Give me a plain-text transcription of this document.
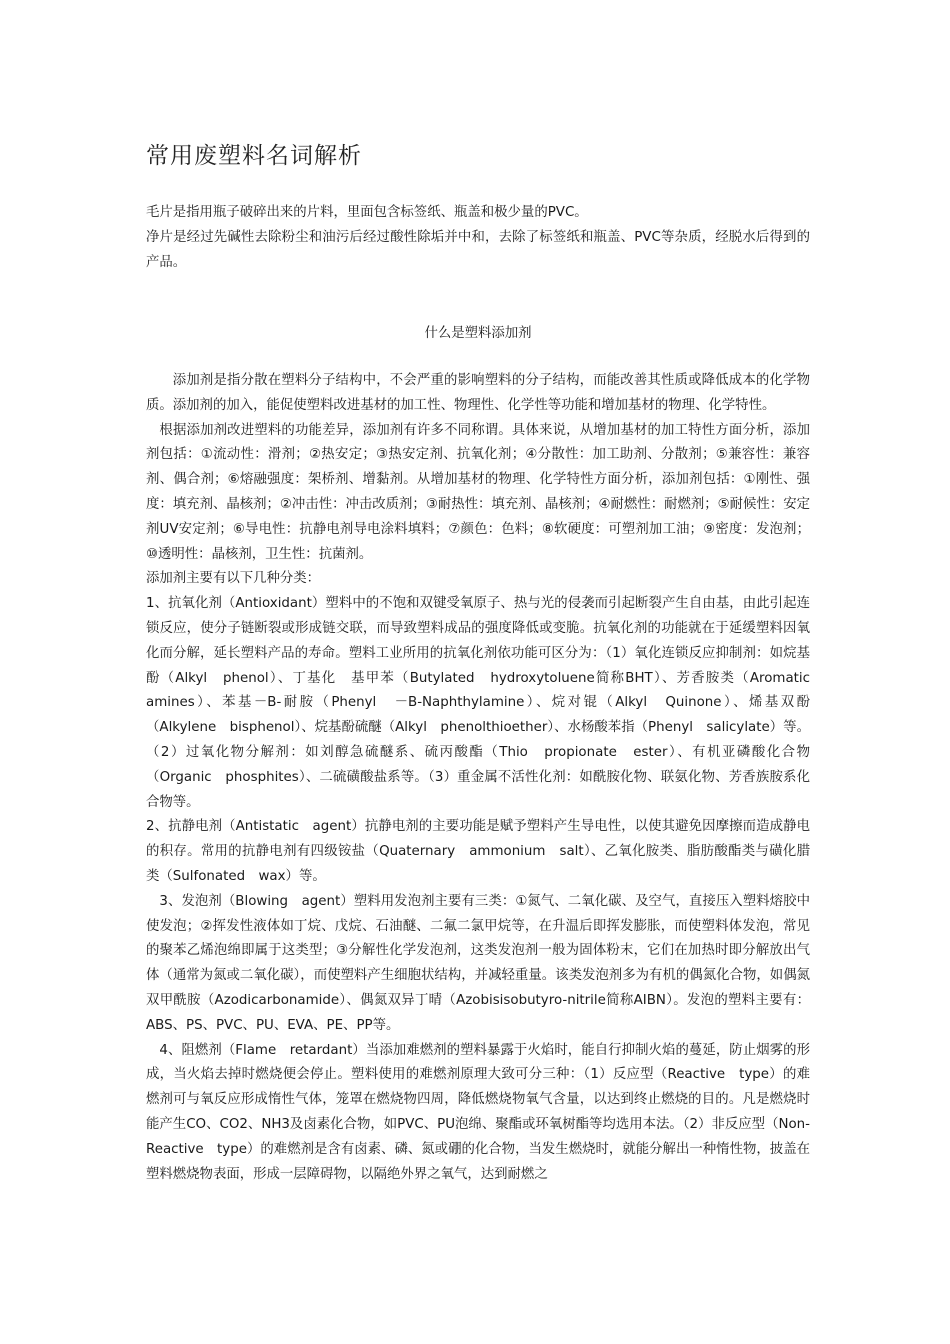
常用废塑料名词解析

毛片是指用瓶子破碎出来的片料，里面包含标签纸、瓶盖和极少量的PVC。

净片是经过先碱性去除粉尘和油污后经过酸性除垢并中和，去除了标签纸和瓶盖、PVC等杂质，经脱水后得到的产品。

什么是塑料添加剂

添加剂是指分散在塑料分子结构中，不会严重的影响塑料的分子结构，而能改善其性质或降低成本的化学物质。添加剂的加入，能促使塑料改进基材的加工性、物理性、化学性等功能和增加基材的物理、化学特性。

根据添加剂改进塑料的功能差异，添加剂有许多不同称谓。具体来说，从增加基材的加工特性方面分析，添加剂包括：①流动性：滑剂；②热安定；③热安定剂、抗氧化剂；④分散性：加工助剂、分散剂；⑤兼容性：兼容剂、偶合剂；⑥熔融强度：架桥剂、增黏剂。从增加基材的物理、化学特性方面分析，添加剂包括：①刚性、强度：填充剂、晶核剂；②冲击性：冲击改质剂；③耐热性：填充剂、晶核剂；④耐燃性：耐燃剂；⑤耐候性：安定剂UV安定剂；⑥导电性：抗静电剂导电涂料填料；⑦颜色：色料；⑧软硬度：可塑剂加工油；⑨密度：发泡剂；⑩透明性：晶核剂，卫生性：抗菌剂。

添加剂主要有以下几种分类：

1、抗氧化剂（Antioxidant）塑料中的不饱和双键受氧原子、热与光的侵袭而引起断裂产生自由基，由此引起连锁反应，使分子链断裂或形成链交联，而导致塑料成品的强度降低或变脆。抗氧化剂的功能就在于延缓塑料因氧化而分解，延长塑料产品的寿命。塑料工业所用的抗氧化剂依功能可区分为：（1）氧化连锁反应抑制剂：如烷基酚（Alkyl　phenol）、丁基化　基甲苯（Butylated　hydroxytoluene简称BHT）、芳香胺类（Aromatic　amines）、苯基－B-耐胺（Phenyl　－B-Naphthylamine）、烷对锟（Alkyl　Quinone）、烯基双酚（Alkylene　bisphenol）、烷基酚硫醚（Alkyl　phenolthioether）、水杨酸苯指（Phenyl　salicylate）等。（2）过氧化物分解剂：如刘醇急硫醚系、硫丙酸酯（Thio　propionate　ester）、有机亚磷酸化合物（Organic　phosphites）、二硫磺酸盐系等。（3）重金属不活性化剂：如酰胺化物、联氨化物、芳香族胺系化合物等。

2、抗静电剂（Antistatic　agent）抗静电剂的主要功能是赋予塑料产生导电性，以使其避免因摩擦而造成静电的积存。常用的抗静电剂有四级铵盐（Quaternary　ammonium　salt）、乙氧化胺类、脂肪酸酯类与磺化腊类（Sulfonated　wax）等。

3、发泡剂（Blowing　agent）塑料用发泡剂主要有三类：①氮气、二氧化碳、及空气，直接压入塑料熔胶中使发泡；②挥发性液体如丁烷、戊烷、石油醚、二氟二氯甲烷等，在升温后即挥发膨胀，而使塑料体发泡，常见的聚苯乙烯泡绵即属于这类型；③分解性化学发泡剂，这类发泡剂一般为固体粉末，它们在加热时即分解放出气体（通常为氮或二氧化碳），而使塑料产生细胞状结构，并减轻重量。该类发泡剂多为有机的偶氮化合物，如偶氮双甲酰胺（Azodicarbonamide）、偶氮双异丁晴（Azobisisobutyro-nitrile简称AIBN）。发泡的塑料主要有：ABS、PS、PVC、PU、EVA、PE、PP等。

4、阻燃剂（Flame　retardant）当添加难燃剂的塑料暴露于火焰时，能自行抑制火焰的蔓延，防止烟雾的形成，当火焰去掉时燃烧便会停止。塑料使用的难燃剂原理大致可分三种：（1）反应型（Reactive　type）的难燃剂可与氧反应形成惰性气体，笼罩在燃烧物四周，降低燃烧物氧气含量，以达到终止燃烧的目的。凡是燃烧时能产生CO、CO2、NH3及卤素化合物，如PVC、PU泡绵、聚酯或环氧树酯等均选用本法。（2）非反应型（Non-Reactive　type）的难燃剂是含有卤素、磷、氮或硼的化合物，当发生燃烧时，就能分解出一种惰性物，披盖在塑料燃烧物表面，形成一层障碍物，以隔绝外界之氧气，达到耐燃之
